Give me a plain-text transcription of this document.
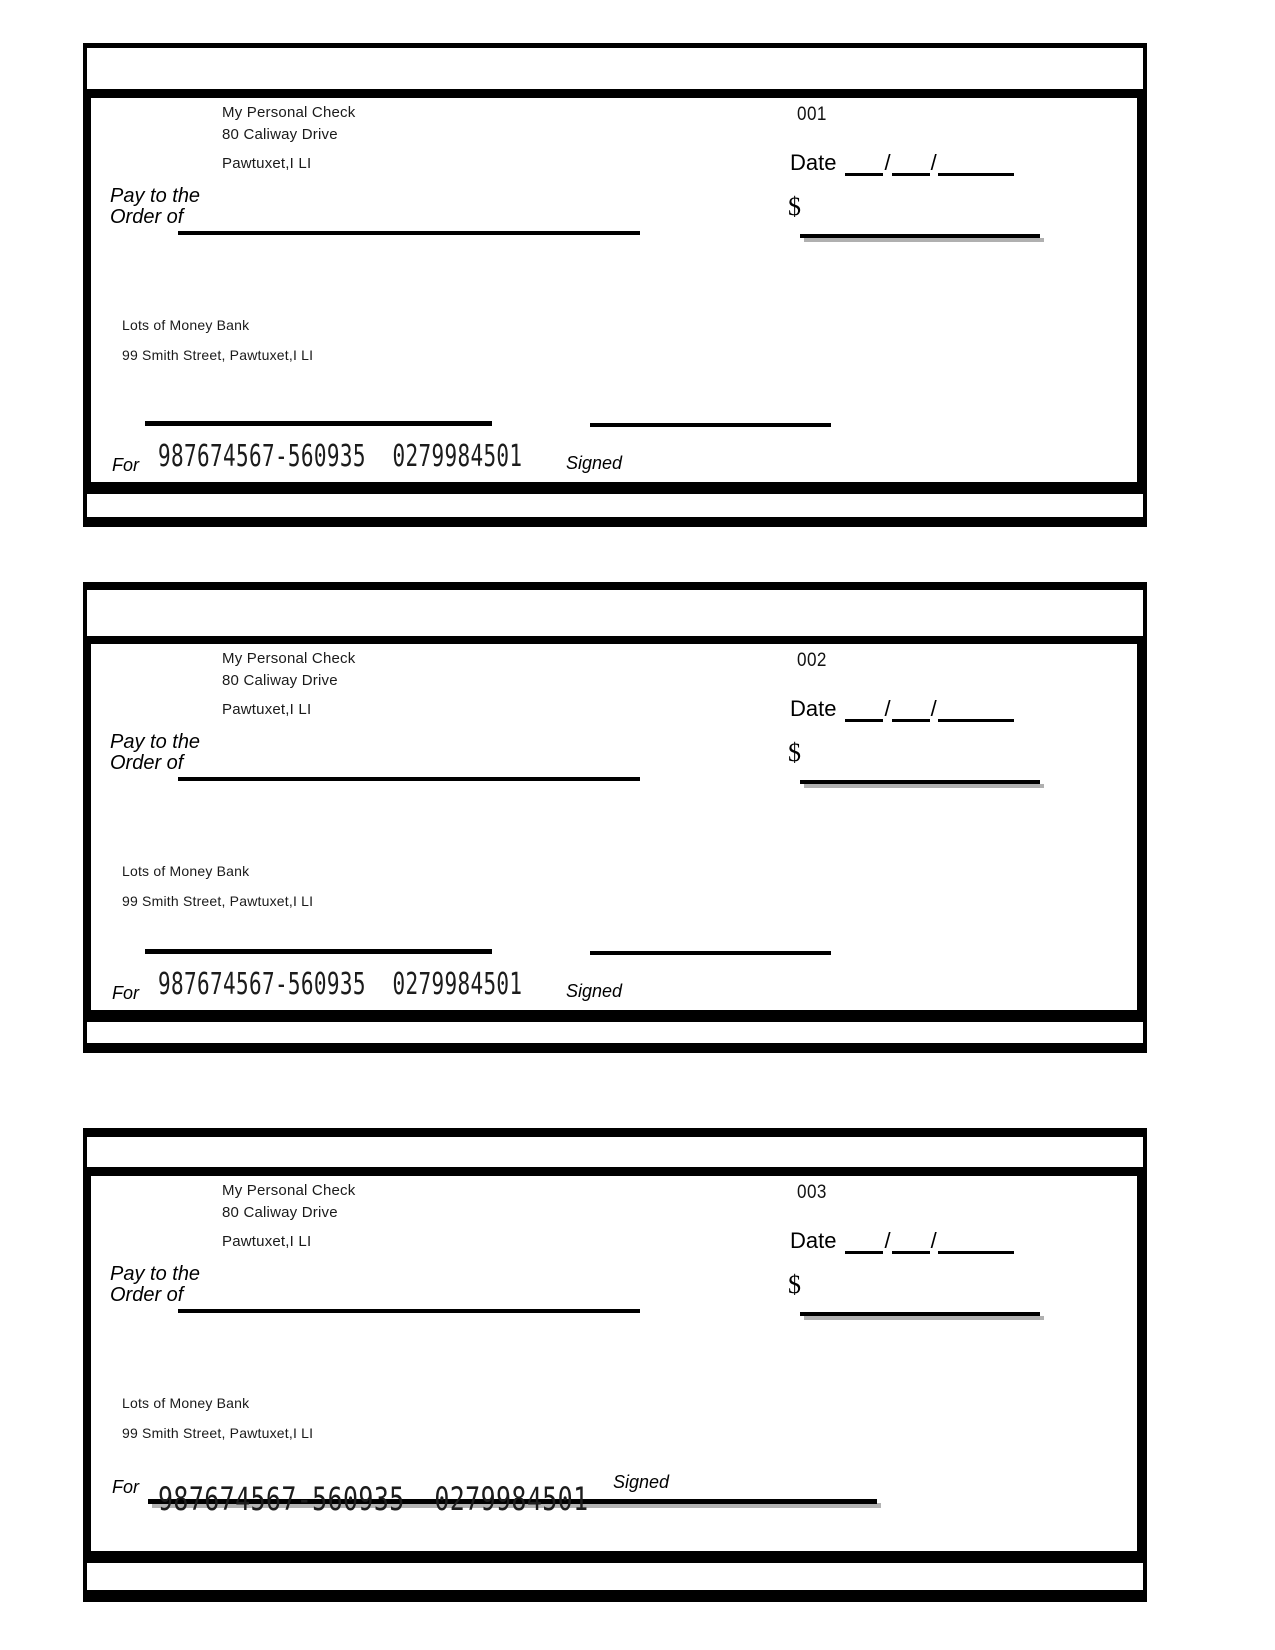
My Personal Check
80 Caliway Drive
Pawtuxet,I LI
001
Date / /
Pay to the
Order of	$
Lots of Money Bank
99 Smith Street, Pawtuxet,I LI
For 987674567-560935 0279984501 Signed
My Personal Check
80 Caliway Drive
Pawtuxet,I LI
002
Date / /
Pay to the
Order of	$
Lots of Money Bank
99 Smith Street, Pawtuxet,I LI
For 987674567-560935 0279984501 Signed
My Personal Check
80 Caliway Drive
Pawtuxet,I LI
003
Date / /
Pay to the
Order of	$
Lots of Money Bank
99 Smith Street, Pawtuxet,I LI
For 987674567-560935 0279984501 Signed
